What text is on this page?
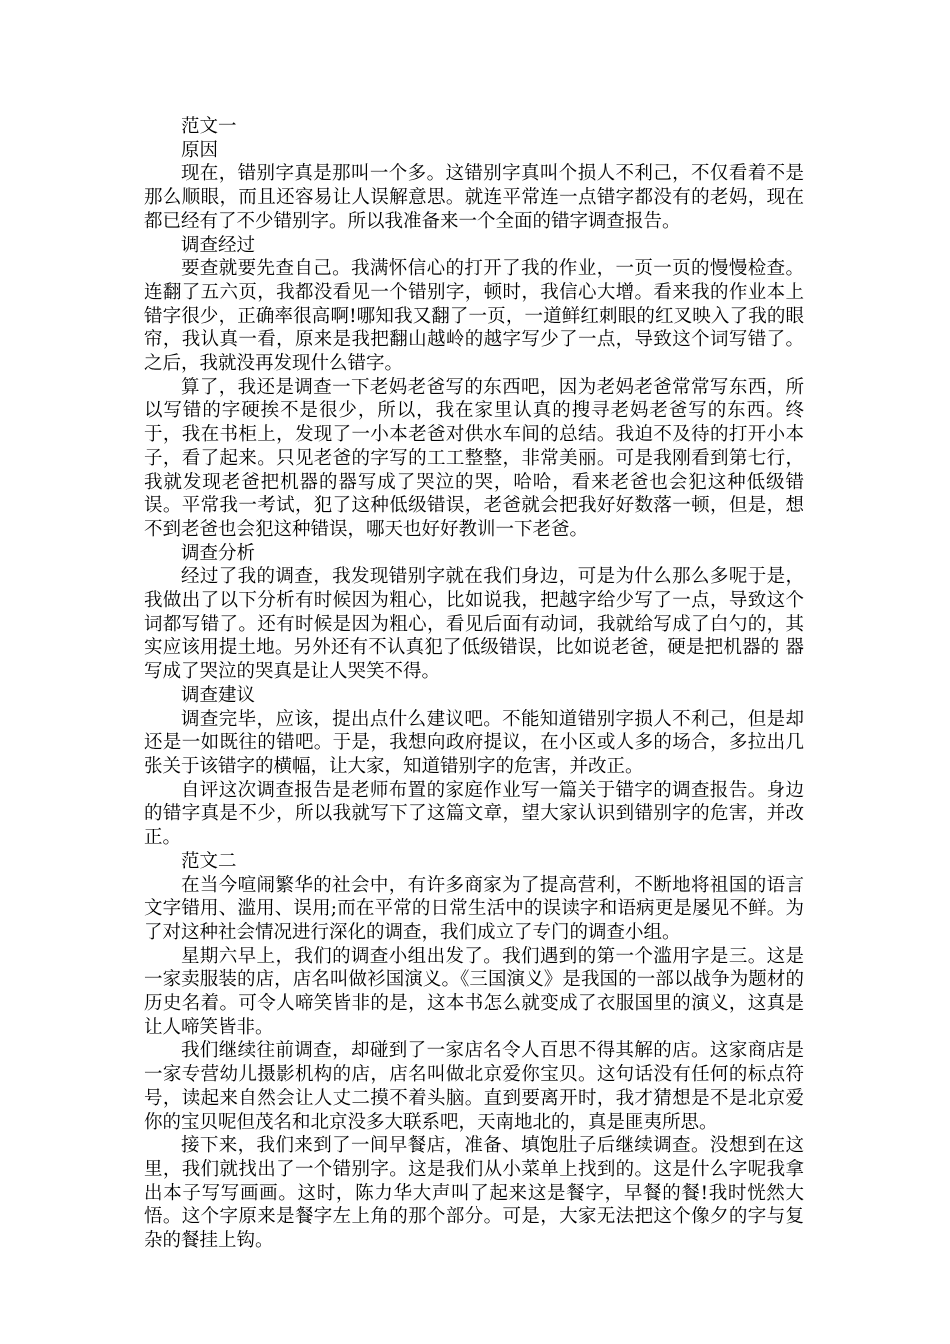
范文一

原因

现在，错别字真是那叫一个多。这错别字真叫个损人不利己，不仅看着不是那么顺眼，而且还容易让人误解意思。就连平常连一点错字都没有的老妈，现在都已经有了不少错别字。所以我准备来一个全面的错字调查报告。

调查经过

要查就要先查自己。我满怀信心的打开了我的作业，一页一页的慢慢检查。连翻了五六页，我都没看见一个错别字，顿时，我信心大增。看来我的作业本上错字很少，正确率很高啊!哪知我又翻了一页，一道鲜红刺眼的红叉映入了我的眼帘，我认真一看，原来是我把翻山越岭的越字写少了一点，导致这个词写错了。之后，我就没再发现什么错字。

算了，我还是调查一下老妈老爸写的东西吧，因为老妈老爸常常写东西，所以写错的字硬挨不是很少，所以，我在家里认真的搜寻老妈老爸写的东西。终于，我在书柜上，发现了一小本老爸对供水车间的总结。我迫不及待的打开小本子，看了起来。只见老爸的字写的工工整整，非常美丽。可是我刚看到第七行，我就发现老爸把机器的器写成了哭泣的哭，哈哈，看来老爸也会犯这种低级错误。平常我一考试，犯了这种低级错误，老爸就会把我好好数落一顿，但是，想不到老爸也会犯这种错误，哪天也好好教训一下老爸。

调查分析

经过了我的调查，我发现错别字就在我们身边，可是为什么那么多呢于是，我做出了以下分析有时候因为粗心，比如说我，把越字给少写了一点，导致这个词都写错了。还有时候是因为粗心，看见后面有动词，我就给写成了白勺的，其实应该用提土地。另外还有不认真犯了低级错误，比如说老爸，硬是把机器的 器写成了哭泣的哭真是让人哭笑不得。

调查建议

调查完毕，应该，提出点什么建议吧。不能知道错别字损人不利己，但是却还是一如既往的错吧。于是，我想向政府提议，在小区或人多的场合，多拉出几张关于该错字的横幅，让大家，知道错别字的危害，并改正。

自评这次调查报告是老师布置的家庭作业写一篇关于错字的调查报告。身边的错字真是不少，所以我就写下了这篇文章，望大家认识到错别字的危害，并改正。

范文二

在当今喧闹繁华的社会中，有许多商家为了提高营利，不断地将祖国的语言文字错用、滥用、误用;而在平常的日常生活中的误读字和语病更是屡见不鲜。为了对这种社会情况进行深化的调查，我们成立了专门的调查小组。

星期六早上，我们的调查小组出发了。我们遇到的第一个滥用字是三。这是一家卖服装的店，店名叫做衫国演义。《三国演义》是我国的一部以战争为题材的历史名着。可令人啼笑皆非的是，这本书怎么就变成了衣服国里的演义，这真是让人啼笑皆非。

我们继续往前调查，却碰到了一家店名令人百思不得其解的店。这家商店是一家专营幼儿摄影机构的店，店名叫做北京爱你宝贝。这句话没有任何的标点符号，读起来自然会让人丈二摸不着头脑。直到要离开时，我才猜想是不是北京爱你的宝贝呢但茂名和北京没多大联系吧，天南地北的，真是匪夷所思。

接下来，我们来到了一间早餐店，准备、填饱肚子后继续调查。没想到在这里，我们就找出了一个错别字。这是我们从小菜单上找到的。这是什么字呢我拿出本子写写画画。这时，陈力华大声叫了起来这是餐字，早餐的餐!我时恍然大悟。这个字原来是餐字左上角的那个部分。可是，大家无法把这个像夕的字与复杂的餐挂上钩。
